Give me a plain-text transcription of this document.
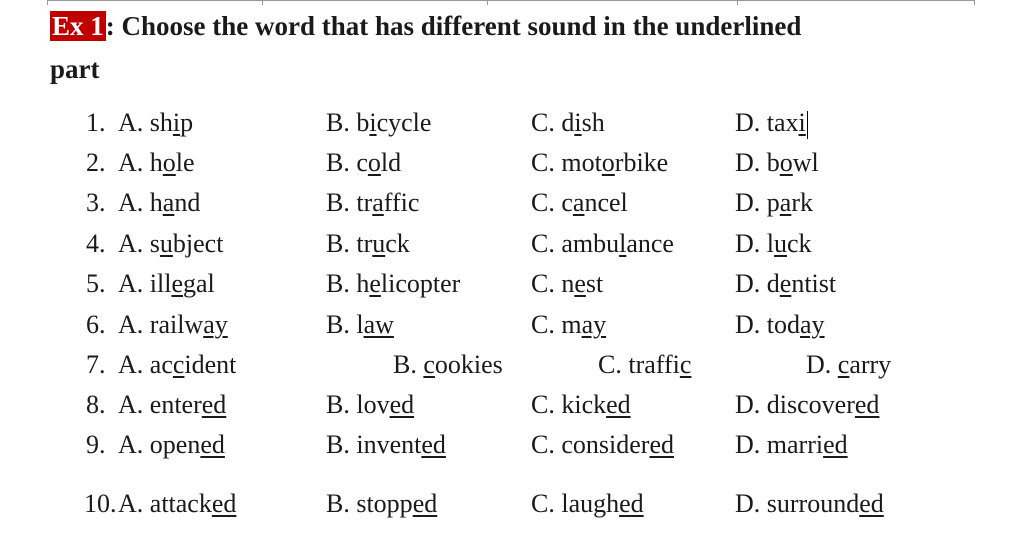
Ex 1: Choose the word that has different sound in the underlined
part
1. A. ship	B. bicycle	C. dish	D. taxi
2. A. hole	B. cold	C. motorbike	D. bowl
3. A. hand	B. traffic	C. cancel	D. park
4. A. subject	B. truck	C. ambulance D. luck
5. A. illegal	B. helicopter	C. nest	D. dentist
6. A. railway	B. law	C. may	D. today
7. A. accident	B. cookies	C. traffic	D. carry
8. A. entered	B. loved	C. kicked	D. discovered
9. A. opened	B. invented	C. considered D. married
10. A. attacked	B. stopped	C. laughed	D. surrounded
